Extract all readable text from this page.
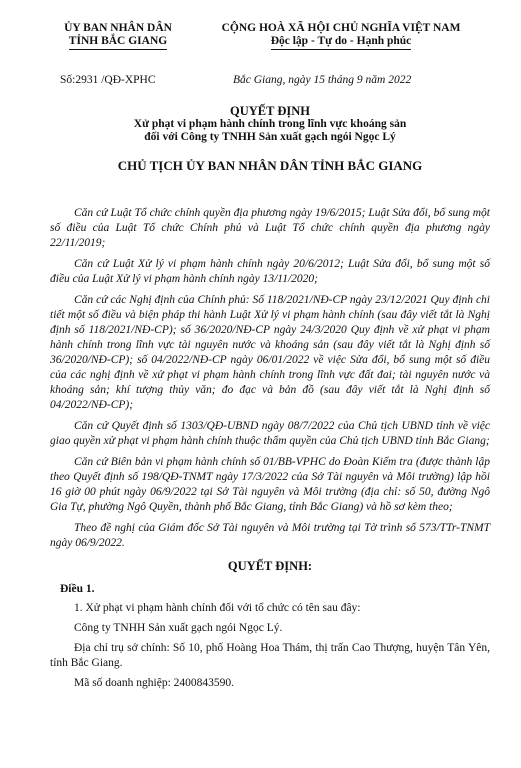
ỦY BAN NHÂN DÂN
TỈNH BẮC GIANG
CỘNG HOÀ XÃ HỘI CHỦ NGHĨA VIỆT NAM
Độc lập - Tự do - Hạnh phúc
Số:2931 /QĐ-XPHC	Bắc Giang, ngày 15 tháng 9 năm 2022
QUYẾT ĐỊNH
Xử phạt vi phạm hành chính trong lĩnh vực khoáng sản
đối với Công ty TNHH Sản xuất gạch ngói Ngọc Lý
CHỦ TỊCH ỦY BAN NHÂN DÂN TỈNH BẮC GIANG

Căn cứ Luật Tổ chức chính quyền địa phương ngày 19/6/2015; Luật Sửa đổi, bổ sung một số điều của Luật Tổ chức Chính phủ và Luật Tổ chức chính quyền địa phương ngày 22/11/2019;

Căn cứ Luật Xử lý vi phạm hành chính ngày 20/6/2012; Luật Sửa đổi, bổ sung một số điều của Luật Xử lý vi phạm hành chính ngày 13/11/2020;

Căn cứ các Nghị định của Chính phủ: Số 118/2021/NĐ-CP ngày 23/12/2021 Quy định chi tiết một số điều và biện pháp thi hành Luật Xử lý vi phạm hành chính (sau đây viết tắt là Nghị định số 118/2021/NĐ-CP); số 36/2020/NĐ-CP ngày 24/3/2020 Quy định về xử phạt vi phạm hành chính trong lĩnh vực tài nguyên nước và khoáng sản (sau đây viết tắt là Nghị định số 36/2020/NĐ-CP); số 04/2022/NĐ-CP ngày 06/01/2022 về việc Sửa đổi, bổ sung một số điều của các nghị định về xử phạt vi phạm hành chính trong lĩnh vực đất đai; tài nguyên nước và khoáng sản; khí tượng thủy văn; đo đạc và bản đồ (sau đây viết tắt là Nghị định số 04/2022/NĐ-CP);

Căn cứ Quyết định số 1303/QĐ-UBND ngày 08/7/2022 của Chủ tịch UBND tỉnh về việc giao quyền xử phạt vi phạm hành chính thuộc thẩm quyền của Chủ tịch UBND tỉnh Bắc Giang;

Căn cứ Biên bản vi phạm hành chính số 01/BB-VPHC do Đoàn Kiểm tra (được thành lập theo Quyết định số 198/QĐ-TNMT ngày 17/3/2022 của Sở Tài nguyên và Môi trường) lập hồi 16 giờ 00 phút ngày 06/9/2022 tại Sở Tài nguyên và Môi trường (địa chỉ: số 50, đường Ngô Gia Tự, phường Ngô Quyền, thành phố Bắc Giang, tỉnh Bắc Giang) và hồ sơ kèm theo;

Theo đề nghị của Giám đốc Sở Tài nguyên và Môi trường tại Tờ trình số 573/TTr-TNMT ngày 06/9/2022.

QUYẾT ĐỊNH:
Điều 1.

1. Xử phạt vi phạm hành chính đối với tổ chức có tên sau đây:

Công ty TNHH Sản xuất gạch ngói Ngọc Lý.

Địa chỉ trụ sở chính: Số 10, phố Hoàng Hoa Thám, thị trấn Cao Thượng, huyện Tân Yên, tỉnh Bắc Giang.

Mã số doanh nghiệp: 2400843590.
